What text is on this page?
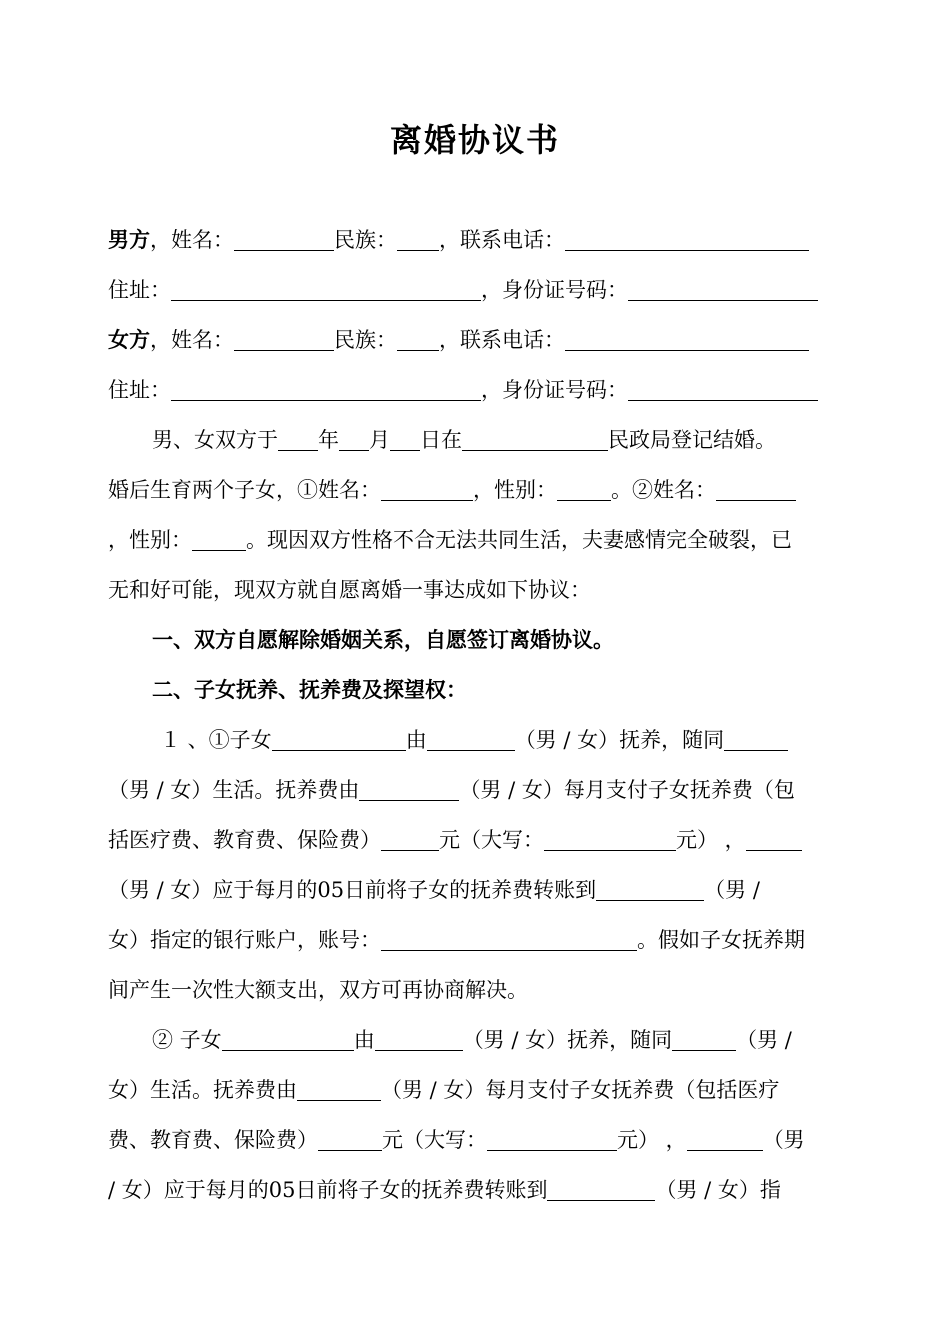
离婚协议书
男方，姓名：	民族： ，联系电话：
住址：	，身份证号码：
女方，姓名：	民族： ，联系电话：
住址：	，身份证号码：
男、女双方于 年 月 日在	民政局登记结婚。
婚后生育两个子女，①姓名：	，性别：	。②姓名：
，性别：	。现因双方性格不合无法共同生活，夫妻感情完全破裂，已
无和好可能，现双方就自愿离婚一事达成如下协议：
一、双方自愿解除婚姻关系，自愿签订离婚协议。
二、子女抚养、抚养费及探望权：
１ 、①子女	由	（男 / 女）抚养，随同
（男 / 女）生活。抚养费由	（男 / 女）每月支付子女抚养费（包
括医疗费、教育费、保险费）	元（大写：	元） ，
（男 / 女）应于每月的05日前将子女的抚养费转账到	（男 /
女）指定的银行账户，账号：	。假如子女抚养期
间产生一次性大额支出，双方可再协商解决。
② 子女	由	（男 / 女）抚养，随同	（男 /
女）生活。抚养费由	（男 / 女）每月支付子女抚养费（包括医疗
费、教育费、保险费）	元（大写：	元） ，	（男
/ 女）应于每月的05日前将子女的抚养费转账到	（男 / 女）指
